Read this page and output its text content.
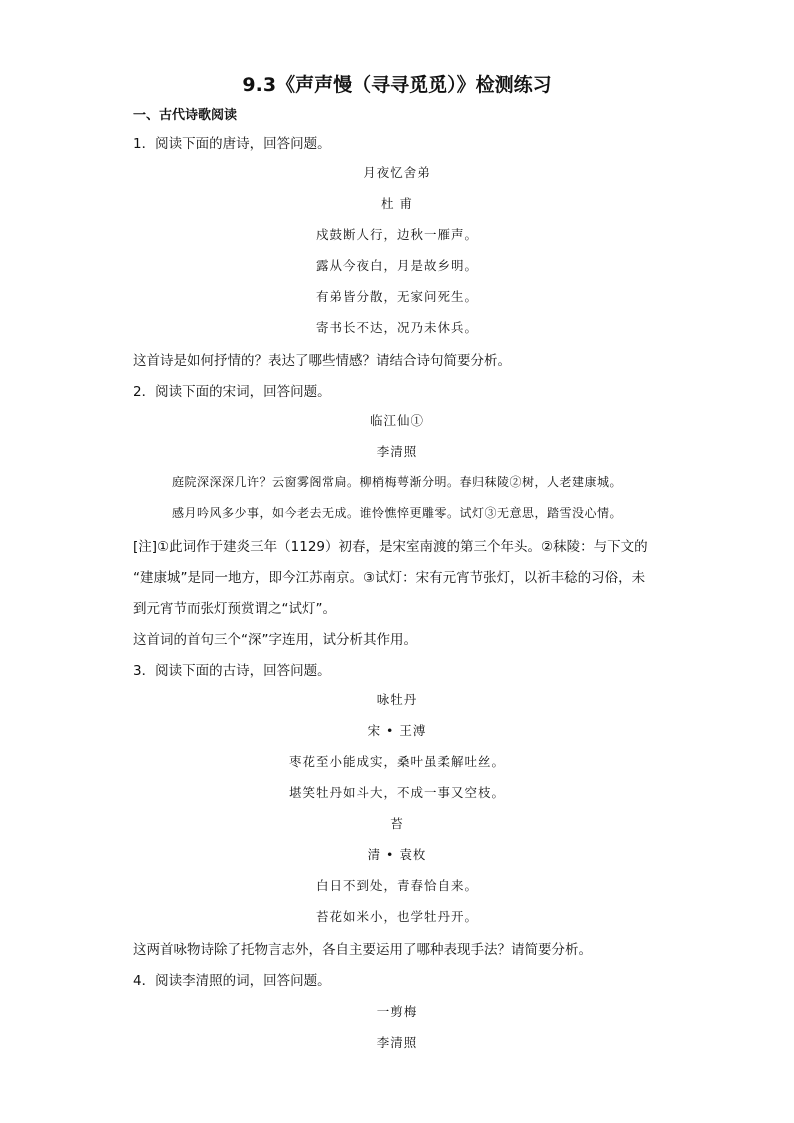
9.3《声声慢（寻寻觅觅）》检测练习
一、古代诗歌阅读
1．阅读下面的唐诗，回答问题。
月夜忆舍弟
杜 甫
戍鼓断人行，边秋一雁声。
露从今夜白，月是故乡明。
有弟皆分散，无家问死生。
寄书长不达，况乃未休兵。
这首诗是如何抒情的？表达了哪些情感？请结合诗句简要分析。
2．阅读下面的宋词，回答问题。
临江仙①
李清照
庭院深深深几许？云窗雾阁常扃。柳梢梅萼渐分明。春归秣陵②树，人老建康城。
感月吟风多少事，如今老去无成。谁怜憔悴更雕零。试灯③无意思，踏雪没心情。
[注]①此词作于建炎三年（1129）初春，是宋室南渡的第三个年头。②秣陵：与下文的
“建康城”是同一地方，即今江苏南京。③试灯：宋有元宵节张灯，以祈丰稔的习俗，未
到元宵节而张灯预赏谓之“试灯”。
这首词的首句三个“深”字连用，试分析其作用。
3．阅读下面的古诗，回答问题。
咏牡丹
宋 • 王溥
枣花至小能成实，桑叶虽柔解吐丝。
堪笑牡丹如斗大，不成一事又空枝。
苔
清 • 袁枚
白日不到处，青春恰自来。
苔花如米小，也学牡丹开。
这两首咏物诗除了托物言志外，各自主要运用了哪种表现手法？请简要分析。
4．阅读李清照的词，回答问题。
一剪梅
李清照
